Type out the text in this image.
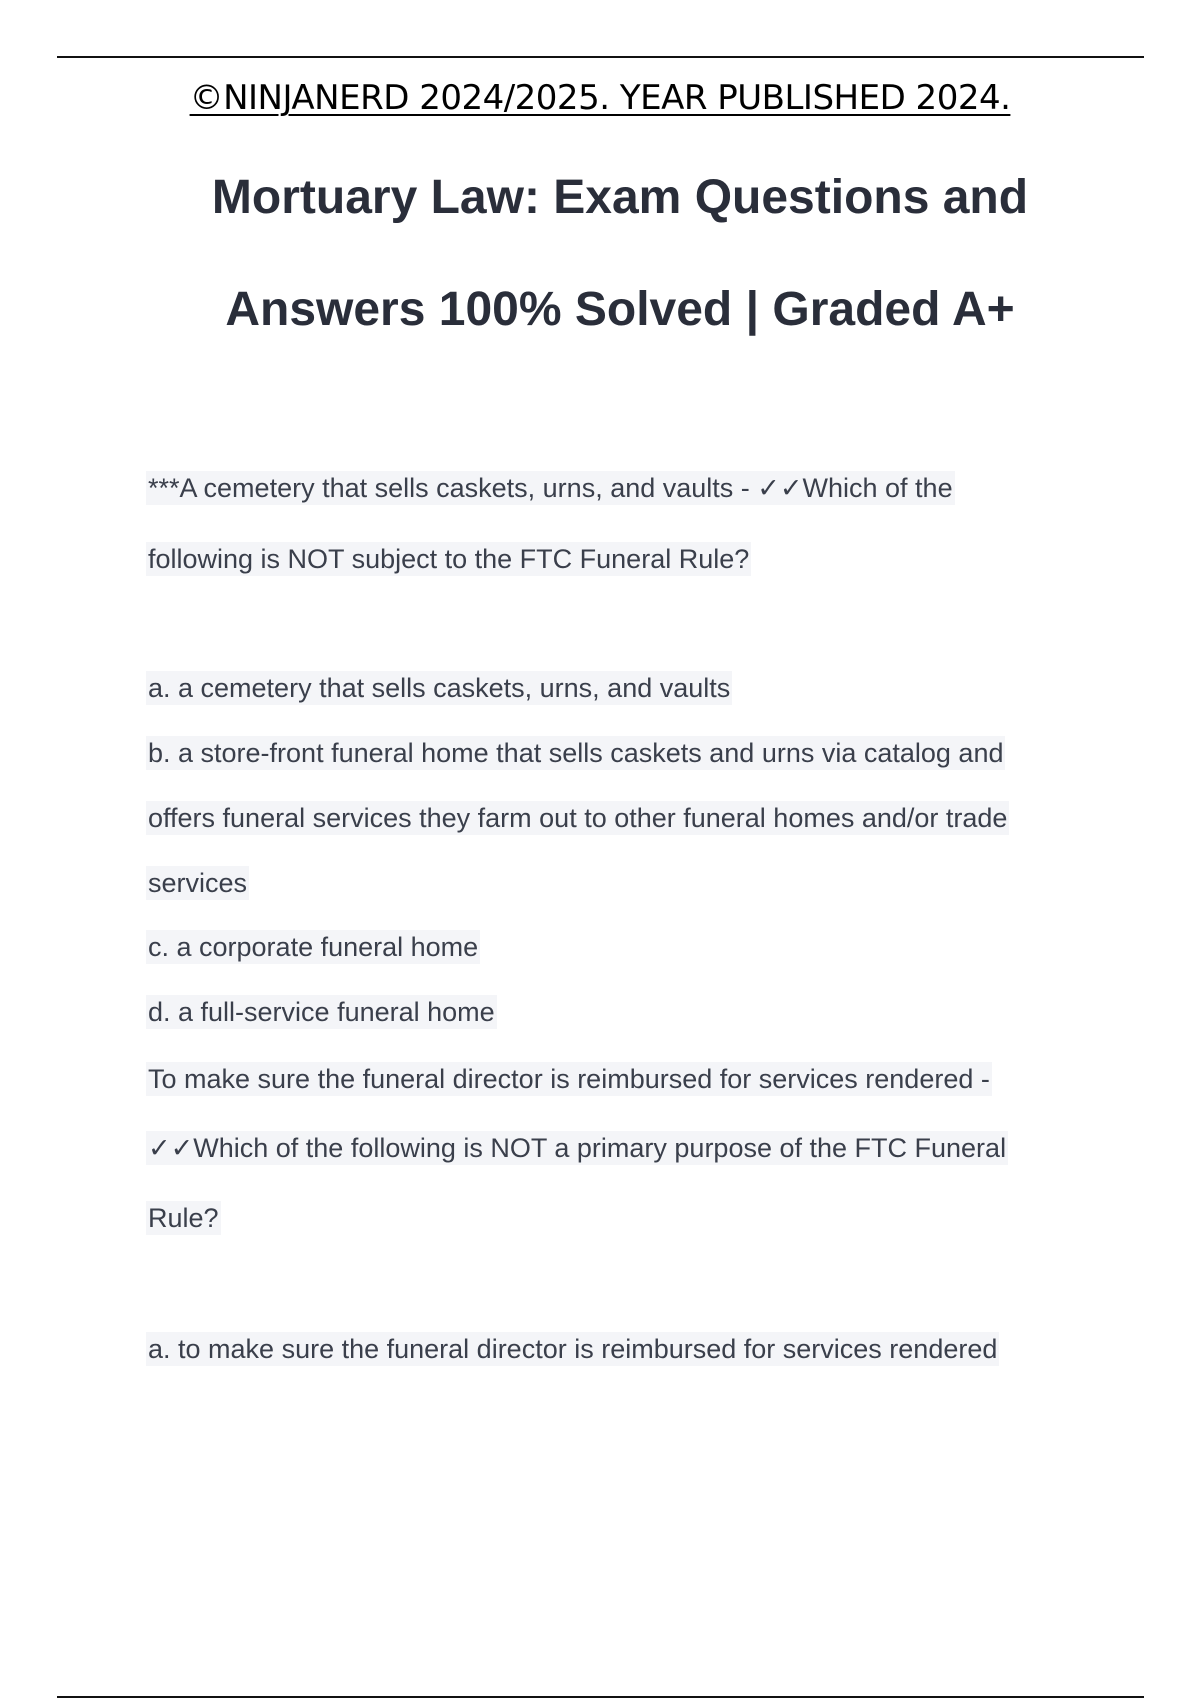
©NINJANERD 2024/2025. YEAR PUBLISHED 2024.
Mortuary Law: Exam Questions and
Answers 100% Solved | Graded A+
***A cemetery that sells caskets, urns, and vaults - ✓✓Which of the
following is NOT subject to the FTC Funeral Rule?
a. a cemetery that sells caskets, urns, and vaults
b. a store-front funeral home that sells caskets and urns via catalog and
offers funeral services they farm out to other funeral homes and/or trade
services
c. a corporate funeral home
d. a full-service funeral home
To make sure the funeral director is reimbursed for services rendered -
✓✓Which of the following is NOT a primary purpose of the FTC Funeral
Rule?
a. to make sure the funeral director is reimbursed for services rendered
